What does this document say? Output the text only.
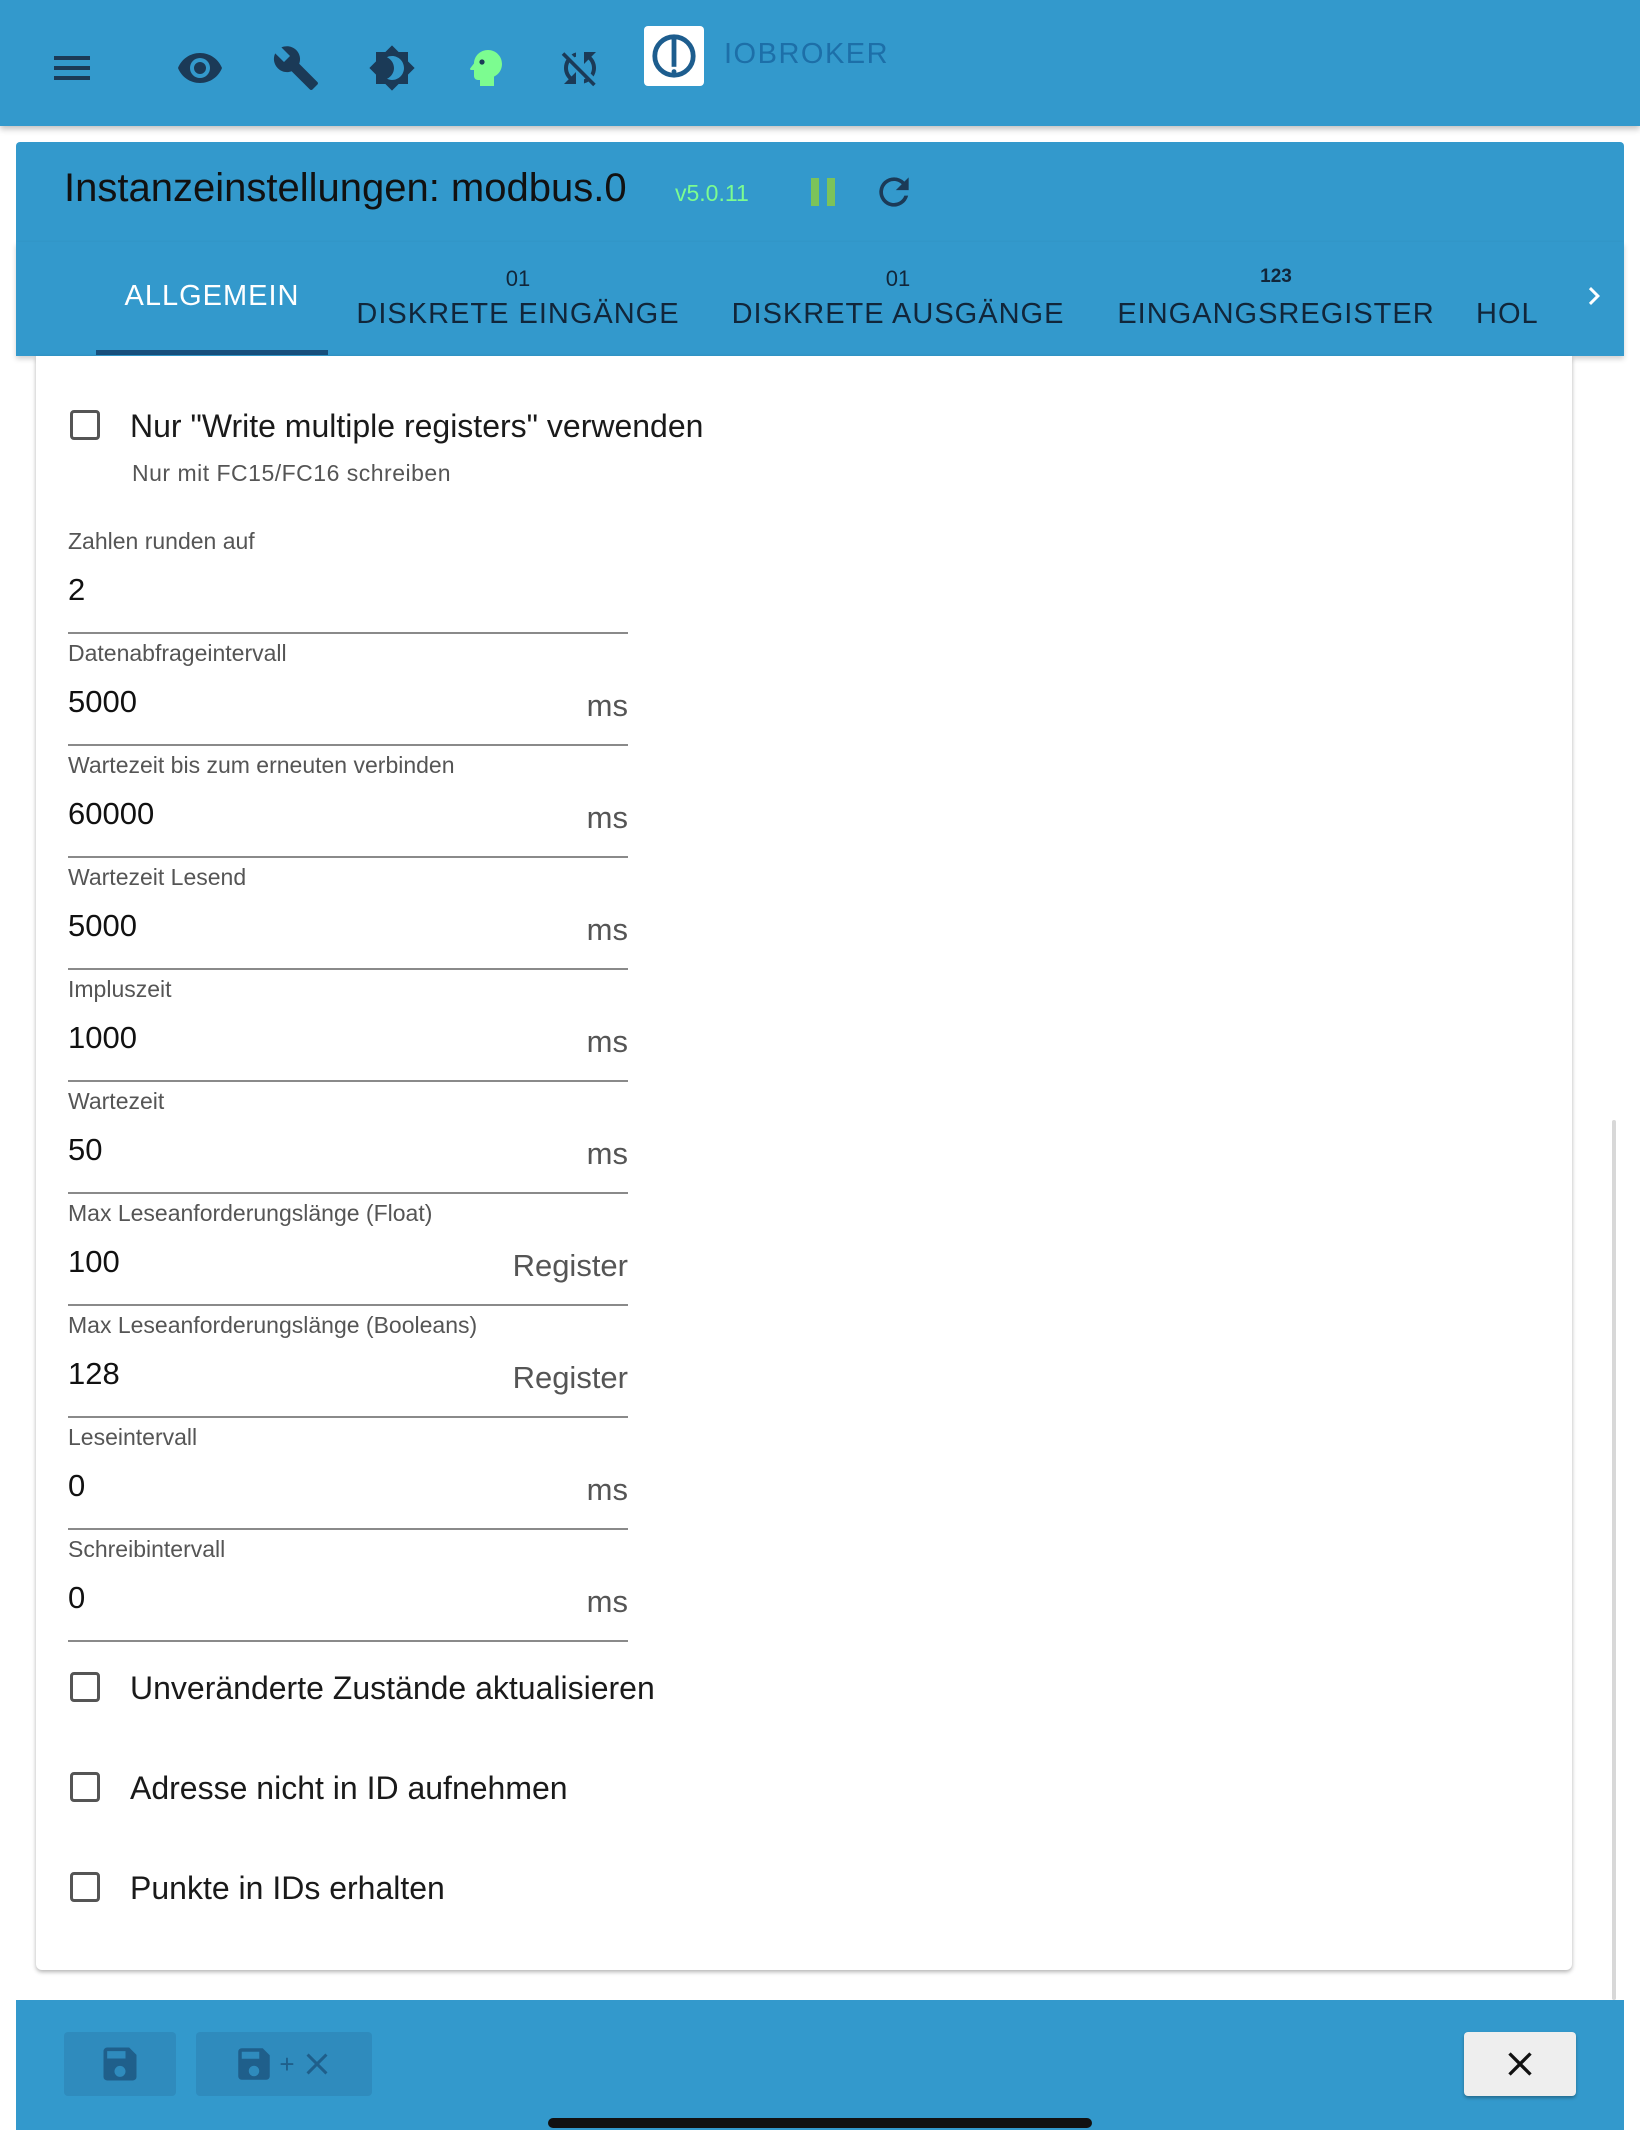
IOBROKER
Instanzeinstellungen: modbus.0 v5.0.11
ALLGEMEIN
01
DISKRETE EINGÄNGE
01
DISKRETE AUSGÄNGE
123
EINGANGSREGISTER	HOL
Nur "Write multiple registers" verwenden
Nur mit FC15/FC16 schreiben
Zahlen runden auf
2
Datenabfrageintervall
5000	ms
Wartezeit bis zum erneuten verbinden
60000	ms
Wartezeit Lesend
5000	ms
Impluszeit
1000	ms
Wartezeit
50	ms
Max Leseanforderungslänge (Float)
100	Register
Max Leseanforderungslänge (Booleans)
128	Register
Leseintervall
0	ms
Schreibintervall
0	ms
Unveränderte Zustände aktualisieren
Adresse nicht in ID aufnehmen
Punkte in IDs erhalten
+
